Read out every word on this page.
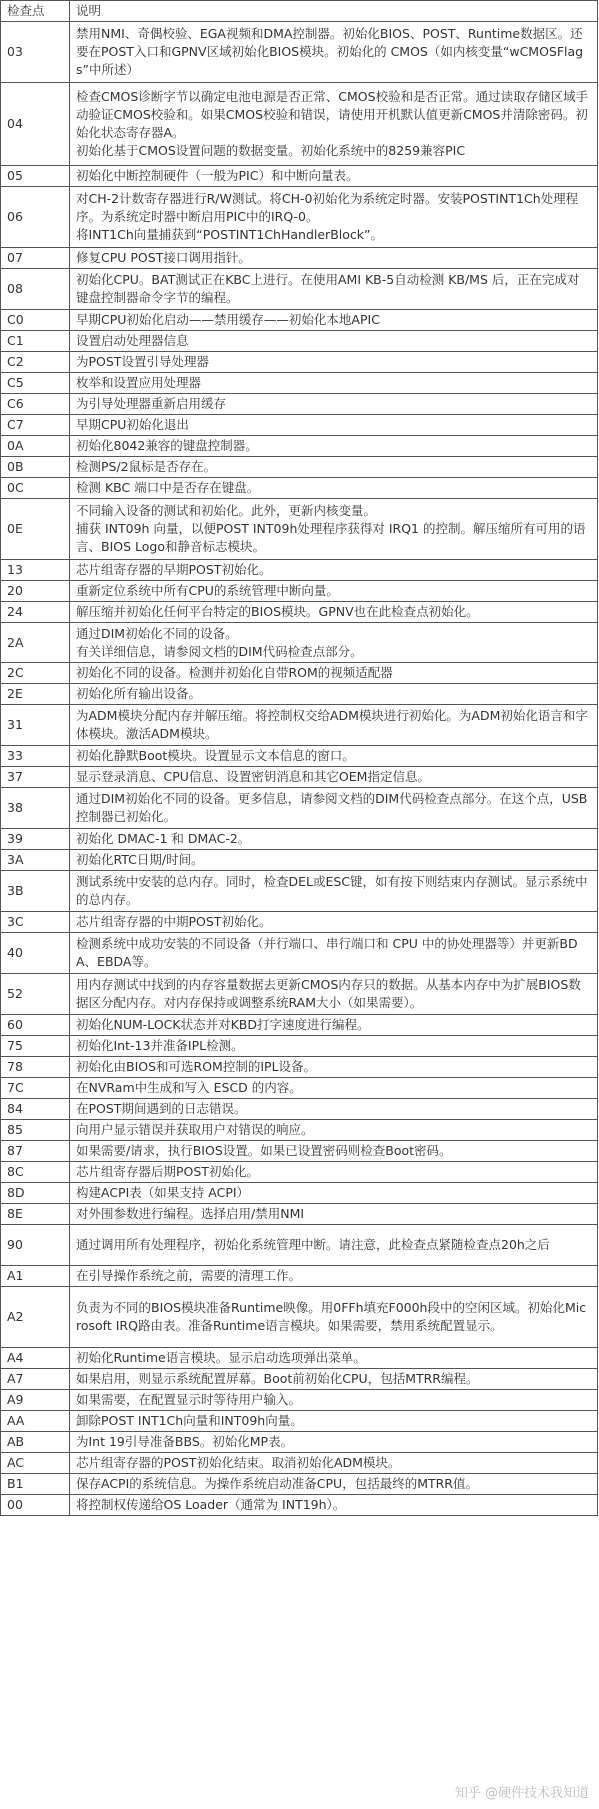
检查点	说明
03	禁用NMI、奇偶校验、EGA视频和DMA控制器。初始化BIOS、POST、Runtime数据区。还要在POST入口和GPNV区域初始化BIOS模块。初始化的 CMOS（如内核变量“wCMOSFlags”中所述）

04	检查CMOS诊断字节以确定电池电源是否正常、CMOS校验和是否正常。通过读取存储区域手动验证CMOS校验和。如果CMOS校验和错误，请使用开机默认值更新CMOS并清除密码。初始化状态寄存器A。
初始化基于CMOS设置问题的数据变量。初始化系统中的8259兼容PIC

05	初始化中断控制硬件（一般为PIC）和中断向量表。

06	对CH-2计数寄存器进行R/W测试。将CH-0初始化为系统定时器。安装POSTINT1Ch处理程序。为系统定时器中断启用PIC中的IRQ-0。
将INT1Ch向量捕获到“POSTINT1ChHandlerBlock”。

07	修复CPU POST接口调用指针。

08	初始化CPU。BAT测试正在KBC上进行。在使用AMI KB-5自动检测 KB/MS 后，正在完成对键盘控制器命令字节的编程。

C0	早期CPU初始化启动——禁用缓存——初始化本地APIC

C1	设置启动处理器信息

C2	为POST设置引导处理器

C5	枚举和设置应用处理器

C6	为引导处理器重新启用缓存

C7	早期CPU初始化退出

0A	初始化8042兼容的键盘控制器。

0B	检测PS/2鼠标是否存在。

0C	检测 KBC 端口中是否存在键盘。

0E	不同输入设备的测试和初始化。此外，更新内核变量。
捕获 INT09h 向量，以便POST INT09h处理程序获得对 IRQ1 的控制。解压缩所有可用的语言、BIOS Logo和静音标志模块。

13	芯片组寄存器的早期POST初始化。

20	重新定位系统中所有CPU的系统管理中断向量。

24	解压缩并初始化任何平台特定的BIOS模块。GPNV也在此检查点初始化。

2A	通过DIM初始化不同的设备。
有关详细信息，请参阅文档的DIM代码检查点部分。

2C	初始化不同的设备。检测并初始化自带ROM的视频适配器

2E	初始化所有输出设备。

31	为ADM模块分配内存并解压缩。将控制权交给ADM模块进行初始化。为ADM初始化语言和字体模块。激活ADM模块。

33	初始化静默Boot模块。设置显示文本信息的窗口。

37	显示登录消息、CPU信息、设置密钥消息和其它OEM指定信息。

38	通过DIM初始化不同的设备。更多信息，请参阅文档的DIM代码检查点部分。在这个点，USB 控制器已初始化。

39	初始化 DMAC-1 和 DMAC-2。

3A	初始化RTC日期/时间。

3B	测试系统中安装的总内存。同时，检查DEL或ESC键，如有按下则结束内存测试。显示系统中的总内存。

3C	芯片组寄存器的中期POST初始化。

40	检测系统中成功安装的不同设备（并行端口、串行端口和 CPU 中的协处理器等）并更新BDA、EBDA等。

52	用内存测试中找到的内存容量数据去更新CMOS内存只的数据。从基本内存中为扩展BIOS数据区分配内存。对内存保持或调整系统RAM大小（如果需要）。

60	初始化NUM-LOCK状态并对KBD打字速度进行编程。

75	初始化Int-13并准备IPL检测。

78	初始化由BIOS和可选ROM控制的IPL设备。

7C	在NVRam中生成和写入 ESCD 的内容。

84	在POST期间遇到的日志错误。

85	向用户显示错误并获取用户对错误的响应。

87	如果需要/请求，执行BIOS设置。如果已设置密码则检查Boot密码。

8C	芯片组寄存器后期POST初始化。

8D	构建ACPI表（如果支持 ACPI）

8E	对外围参数进行编程。选择启用/禁用NMI

90	通过调用所有处理程序，初始化系统管理中断。请注意，此检查点紧随检查点20h之后

A1	在引导操作系统之前，需要的清理工作。

A2	负责为不同的BIOS模块准备Runtime映像。用0FFh填充F000h段中的空闲区域。初始化Microsoft IRQ路由表。准备Runtime语言模块。如果需要，禁用系统配置显示。

A4	初始化Runtime语言模块。显示启动选项弹出菜单。

A7	如果启用，则显示系统配置屏幕。Boot前初始化CPU，包括MTRR编程。

A9	如果需要，在配置显示时等待用户输入。

AA	卸除POST INT1Ch向量和INT09h向量。

AB	为Int 19引导准备BBS。初始化MP表。

AC	芯片组寄存器的POST初始化结束。取消初始化ADM模块。

B1	保存ACPI的系统信息。为操作系统启动准备CPU，包括最终的MTRR值。

00	将控制权传递给OS Loader（通常为 INT19h）。
知乎 @硬件技术我知道
